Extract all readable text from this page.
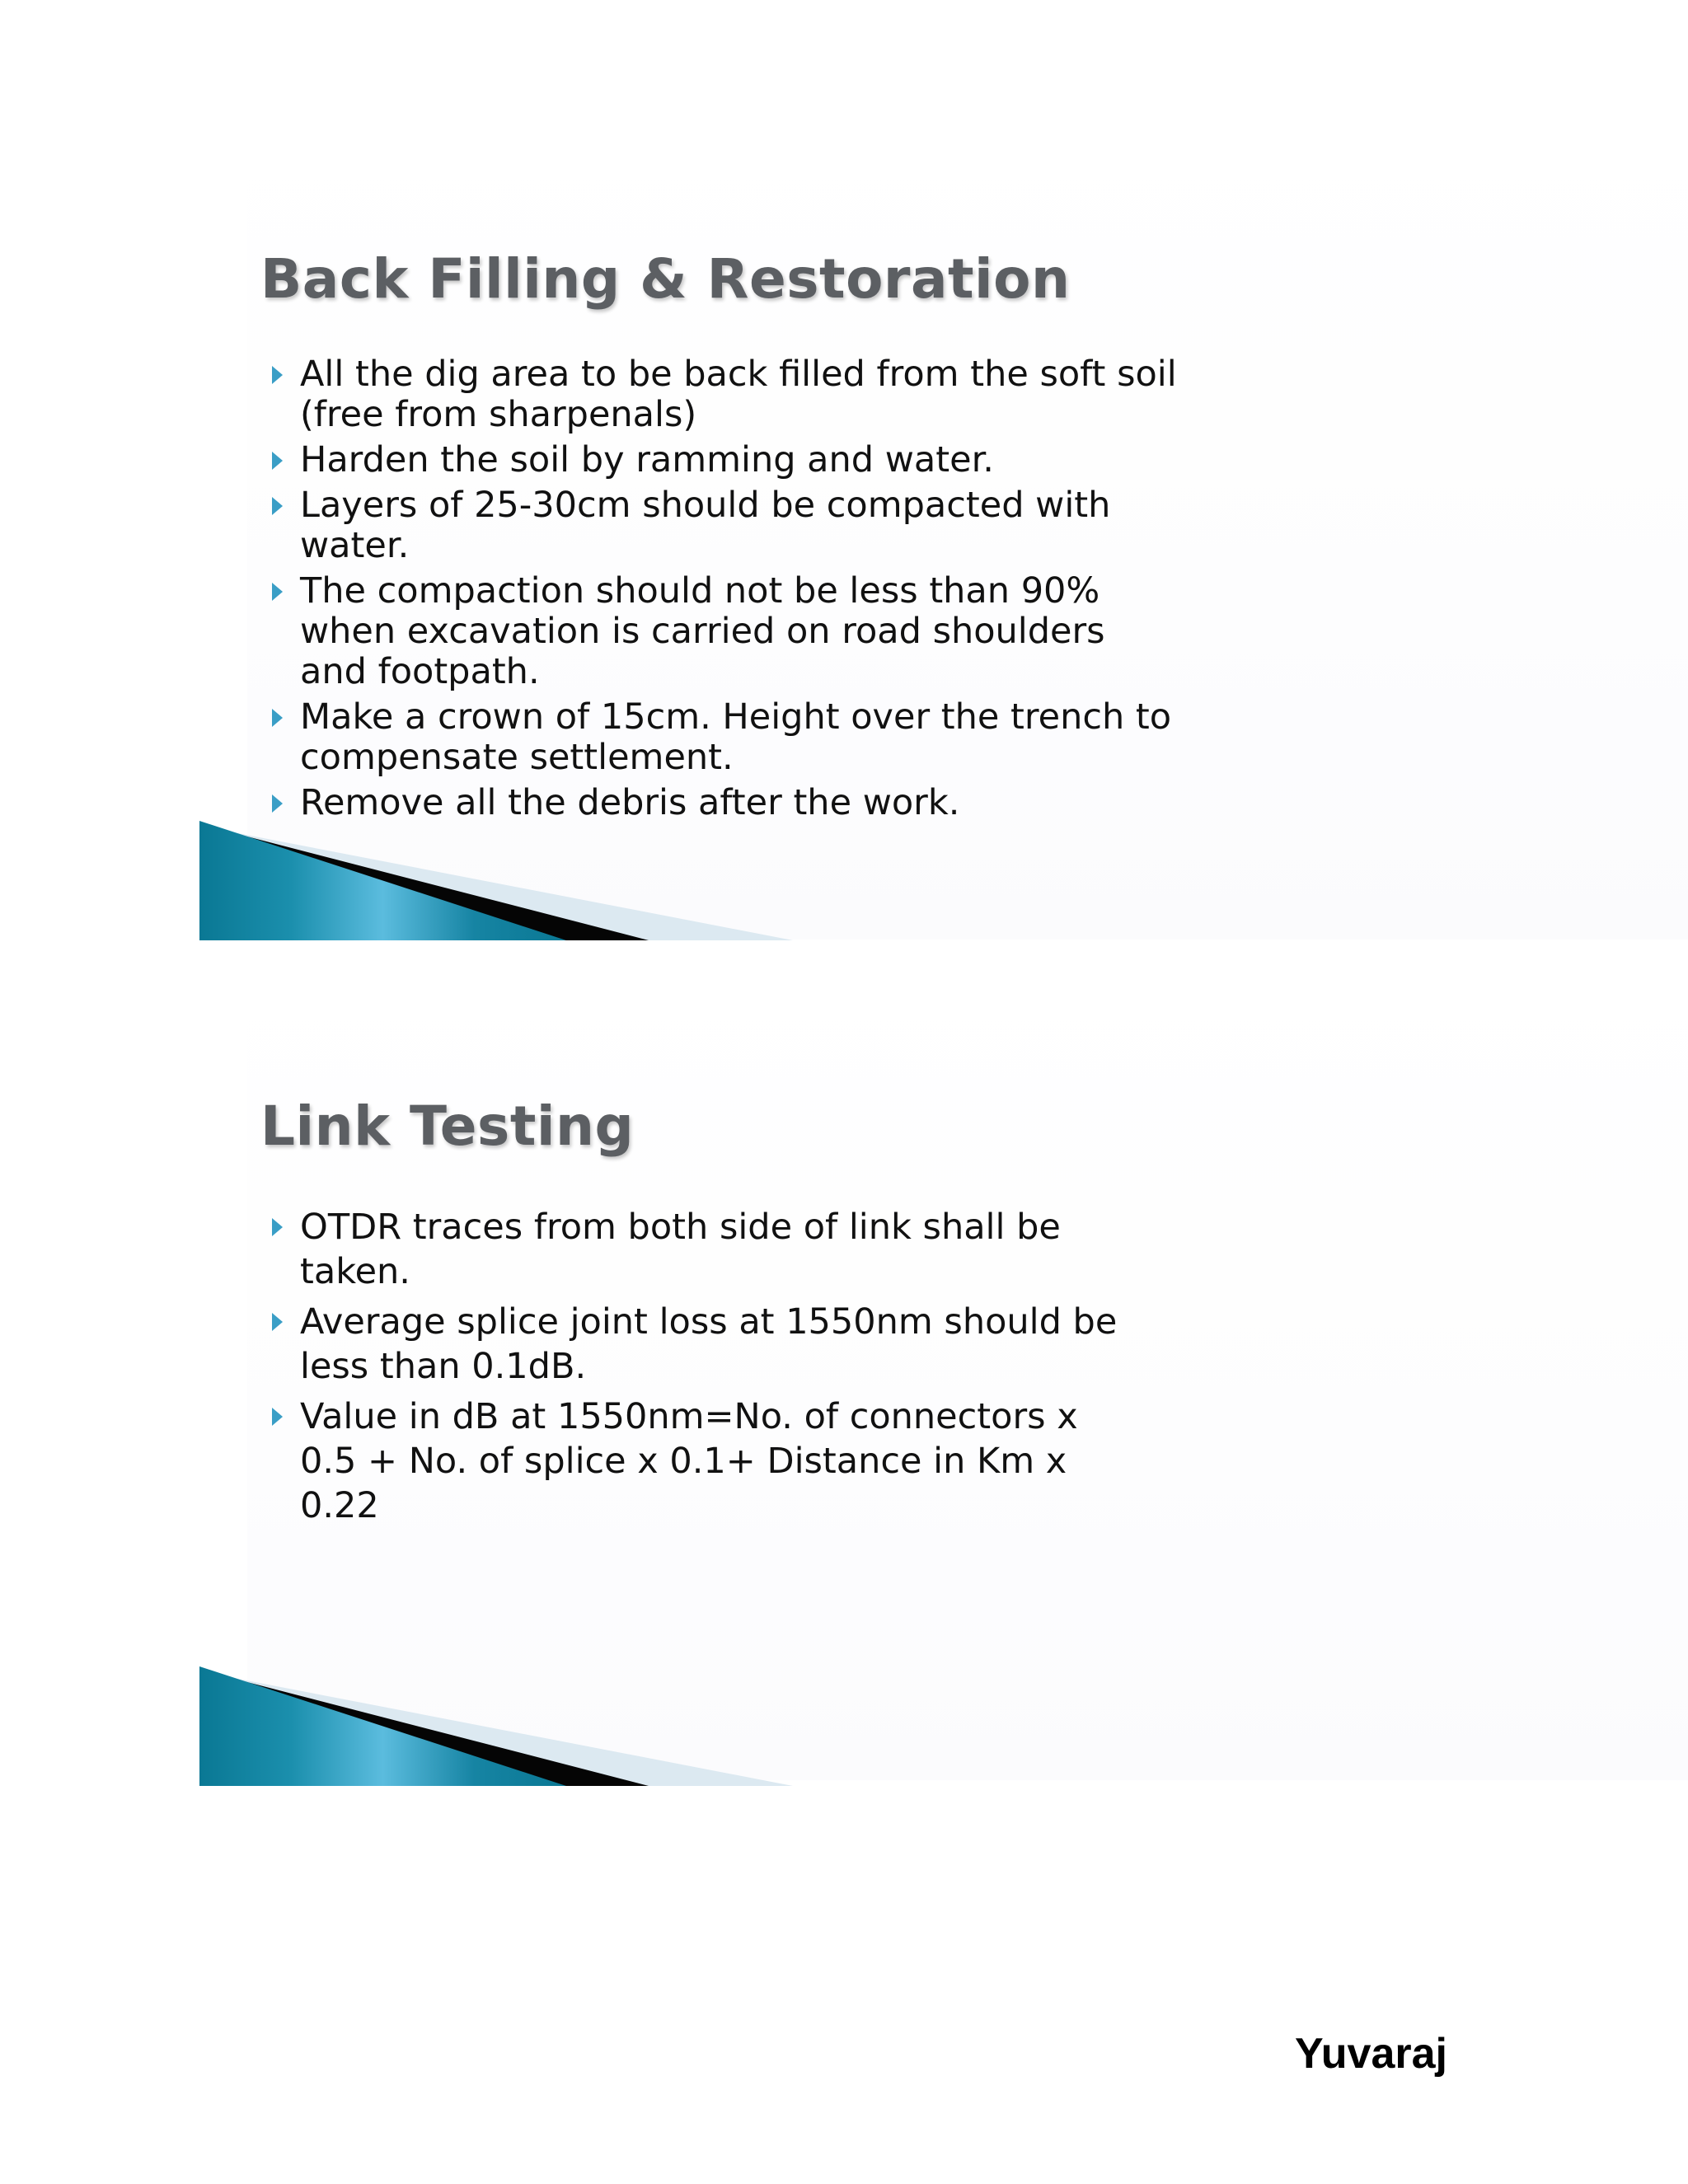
Back Filling & Restoration
All the dig area to be back filled from the soft soil (free from sharpenals)
Harden the soil by ramming and water.
Layers of 25-30cm should be compacted with water.
The compaction should not be less than 90% when excavation is carried on road shoulders and footpath.
Make a crown of 15cm. Height over the trench to compensate settlement.
Remove all the debris after the work.
Link Testing
OTDR traces from both side of link shall be taken.
Average splice joint loss at 1550nm should be less than 0.1dB.
Value in dB at 1550nm=No. of connectors x 0.5 + No. of splice x 0.1+ Distance in Km x 0.22
Yuvaraj
